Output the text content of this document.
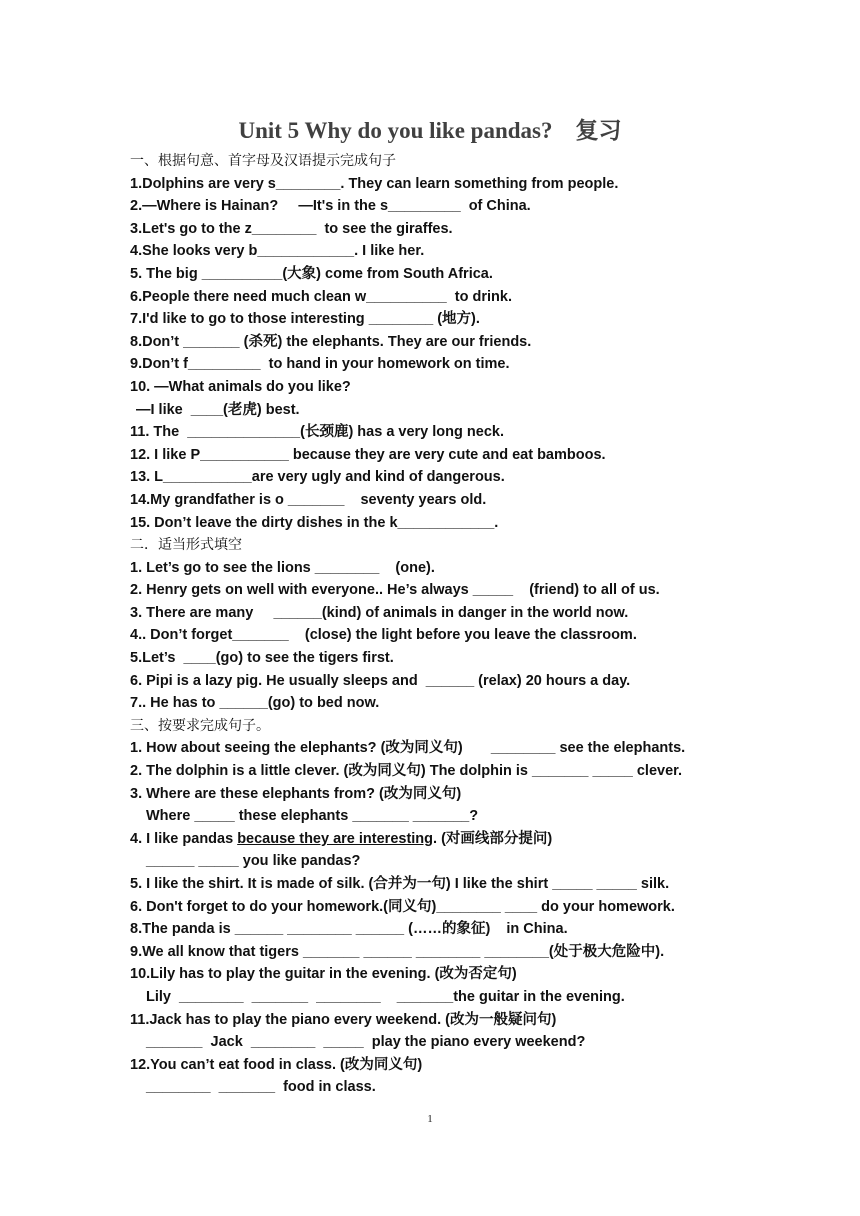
Unit 5 Why do you like pandas?    复习
一、根据句意、首字母及汉语提示完成句子
1.Dolphins are very s________. They can learn something from people.
2.—Where is Hainan?     —It's in the s_________  of China.
3.Let's go to the z________  to see the giraffes.
4.She looks very b____________. I like her.
5. The big __________(大象) come from South Africa.
6.People there need much clean w__________  to drink.
7.I'd like to go to those interesting ________ (地方).
8.Don’t _______ (杀死) the elephants. They are our friends.
9.Don’t f_________  to hand in your homework on time.
10. —What animals do you like?
—I like  ____(老虎) best.
11. The  ______________(长颈鹿) has a very long neck.
12. I like P___________ because they are very cute and eat bamboos.
13. L___________are very ugly and kind of dangerous.
14.My grandfather is o _______    seventy years old.
15. Don’t leave the dirty dishes in the k____________.
二．适当形式填空
1. Let’s go to see the lions ________    (one).
2. Henry gets on well with everyone.. He’s always _____    (friend) to all of us.
3. There are many     ______(kind) of animals in danger in the world now.
4.. Don’t forget_______    (close) the light before you leave the classroom.
5.Let’s  ____(go) to see the tigers first.
6. Pipi is a lazy pig. He usually sleeps and  ______ (relax) 20 hours a day.
7.. He has to ______(go) to bed now.
三、按要求完成句子。
1. How about seeing the elephants? (改为同义句)       ________ see the elephants.
2. The dolphin is a little clever. (改为同义句) The dolphin is _______ _____ clever.
3. Where are these elephants from? (改为同义句)
Where _____ these elephants _______ _______?
4. I like pandas because they are interesting. (对画线部分提问)
______ _____ you like pandas?
5. I like the shirt. It is made of silk. (合并为一句) I like the shirt _____ _____ silk.
6. Don't forget to do your homework.(同义句)________ ____ do your homework.
8.The panda is ______ ________ ______ (……的象征)    in China.
9.We all know that tigers _______ ______ ________ ________(处于极大危险中).
10.Lily has to play the guitar in the evening. (改为否定句)
Lily  ________  _______  ________    _______the guitar in the evening.
11.Jack has to play the piano every weekend. (改为一般疑问句)
_______  Jack  ________  _____  play the piano every weekend?
12.You can’t eat food in class. (改为同义句)
________  _______  food in class.
1
